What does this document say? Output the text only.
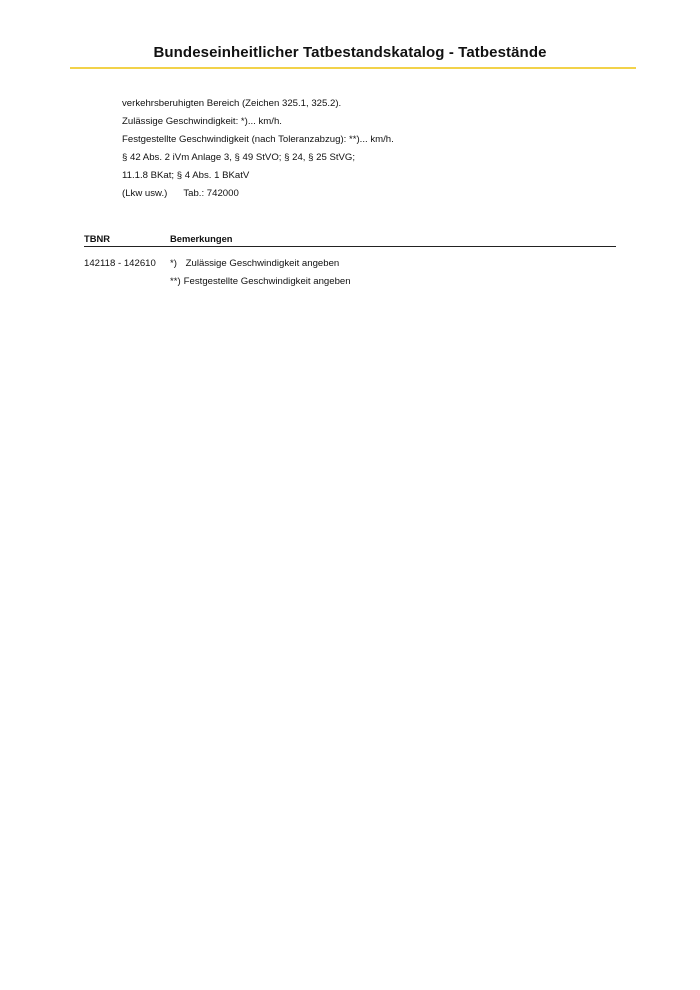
Bundeseinheitlicher Tatbestandskatalog - Tatbestände
verkehrsberuhigten Bereich (Zeichen 325.1, 325.2).
Zulässige Geschwindigkeit: *)... km/h.
Festgestellte Geschwindigkeit (nach Toleranzabzug): **)... km/h.
§ 42 Abs. 2 iVm Anlage 3, § 49 StVO; § 24, § 25 StVG;
11.1.8 BKat; § 4 Abs. 1 BKatV
(Lkw usw.) Tab.: 742000
TBNR	Bemerkungen
142118 - 142610 *) Zulässige Geschwindigkeit angeben
**) Festgestellte Geschwindigkeit angeben
